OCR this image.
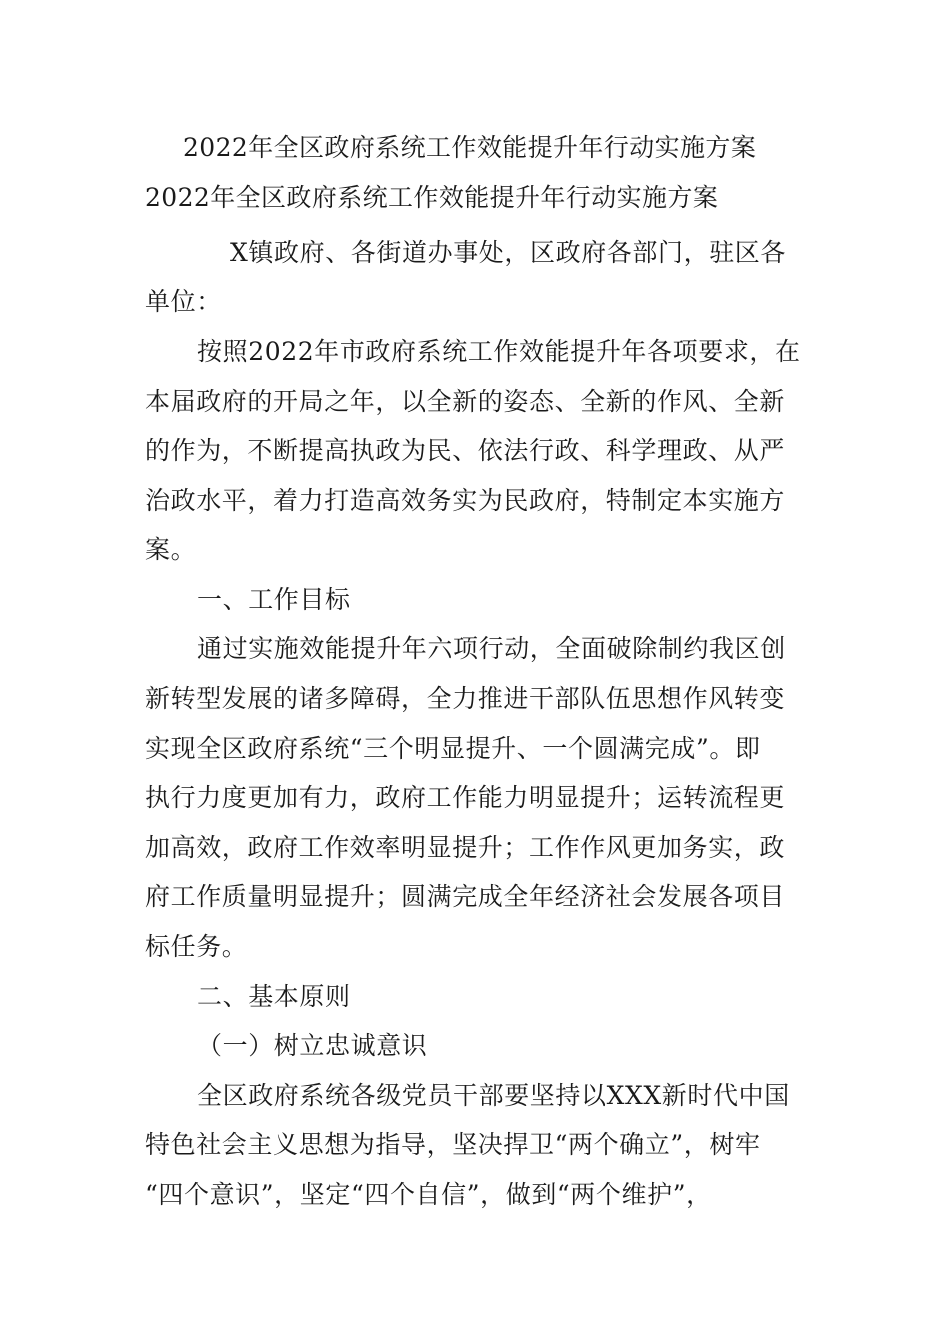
2022年全区政府系统工作效能提升年行动实施方案
2022年全区政府系统工作效能提升年行动实施方案
X镇政府、各街道办事处，区政府各部门，驻区各
单位：
按照2022年市政府系统工作效能提升年各项要求，在
本届政府的开局之年，以全新的姿态、全新的作风、全新
的作为，不断提高执政为民、依法行政、科学理政、从严
治政水平，着力打造高效务实为民政府，特制定本实施方
案。
一、工作目标
通过实施效能提升年六项行动，全面破除制约我区创
新转型发展的诸多障碍，全力推进干部队伍思想作风转变
实现全区政府系统“三个明显提升、一个圆满完成”。即
执行力度更加有力，政府工作能力明显提升；运转流程更
加高效，政府工作效率明显提升；工作作风更加务实，政
府工作质量明显提升；圆满完成全年经济社会发展各项目
标任务。
二、基本原则
（一）树立忠诚意识
全区政府系统各级党员干部要坚持以XXX新时代中国
特色社会主义思想为指导，坚决捍卫“两个确立”，树牢
“四个意识”，坚定“四个自信”，做到“两个维护”，
